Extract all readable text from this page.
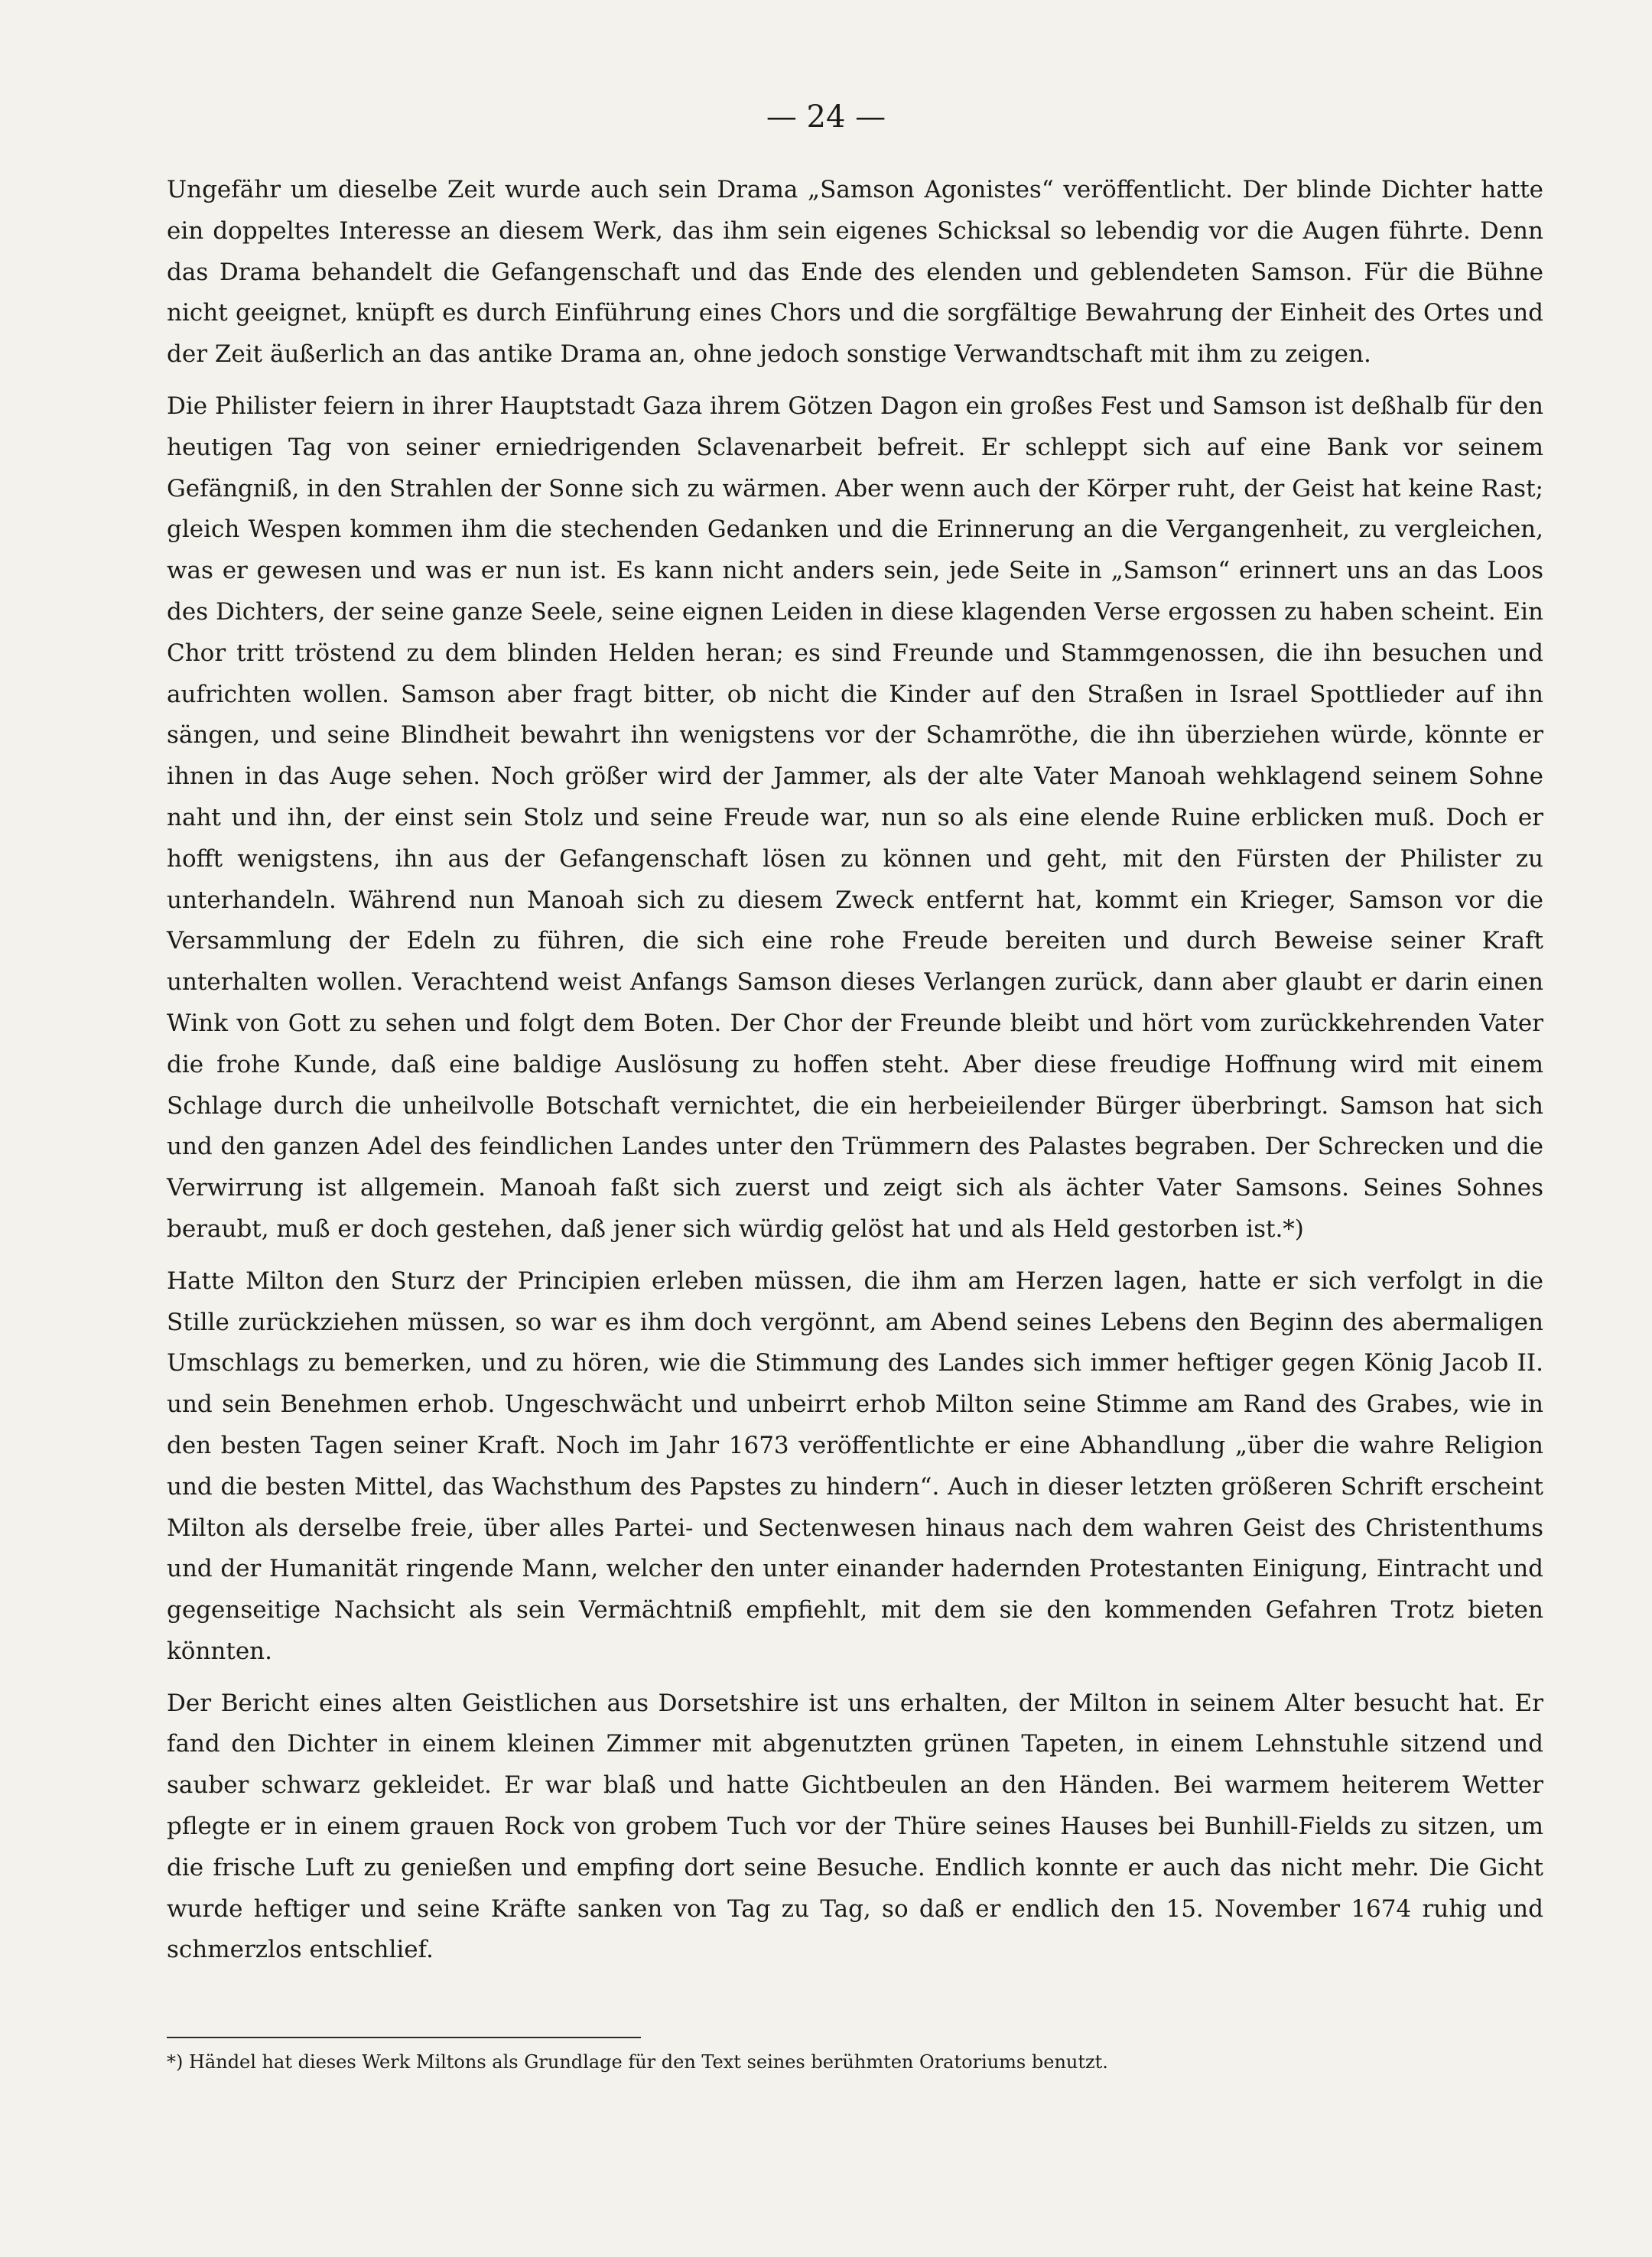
— 24 —

Ungefähr um dieselbe Zeit wurde auch sein Drama „Samson Agonistes“ veröffentlicht. Der blinde Dichter hatte ein doppeltes Interesse an diesem Werk, das ihm sein eigenes Schicksal so lebendig vor die Augen führte. Denn das Drama behandelt die Gefangenschaft und das Ende des elenden und geblendeten Samson. Für die Bühne nicht geeignet, knüpft es durch Einführung eines Chors und die sorgfältige Bewahrung der Einheit des Ortes und der Zeit äußerlich an das antike Drama an, ohne jedoch sonstige Verwandtschaft mit ihm zu zeigen.

Die Philister feiern in ihrer Hauptstadt Gaza ihrem Götzen Dagon ein großes Fest und Samson ist deßhalb für den heutigen Tag von seiner erniedrigenden Sclavenarbeit befreit. Er schleppt sich auf eine Bank vor seinem Gefängniß, in den Strahlen der Sonne sich zu wärmen. Aber wenn auch der Körper ruht, der Geist hat keine Rast; gleich Wespen kommen ihm die stechenden Gedanken und die Erinnerung an die Vergangenheit, zu vergleichen, was er gewesen und was er nun ist. Es kann nicht anders sein, jede Seite in „Samson“ erinnert uns an das Loos des Dichters, der seine ganze Seele, seine eignen Leiden in diese klagenden Verse ergossen zu haben scheint. Ein Chor tritt tröstend zu dem blinden Helden heran; es sind Freunde und Stammgenossen, die ihn besuchen und aufrichten wollen. Samson aber fragt bitter, ob nicht die Kinder auf den Straßen in Israel Spottlieder auf ihn sängen, und seine Blindheit bewahrt ihn wenigstens vor der Schamröthe, die ihn überziehen würde, könnte er ihnen in das Auge sehen. Noch größer wird der Jammer, als der alte Vater Manoah wehklagend seinem Sohne naht und ihn, der einst sein Stolz und seine Freude war, nun so als eine elende Ruine erblicken muß. Doch er hofft wenigstens, ihn aus der Gefangenschaft lösen zu können und geht, mit den Fürsten der Philister zu unterhandeln. Während nun Manoah sich zu diesem Zweck entfernt hat, kommt ein Krieger, Samson vor die Versammlung der Edeln zu führen, die sich eine rohe Freude bereiten und durch Beweise seiner Kraft unterhalten wollen. Verachtend weist Anfangs Samson dieses Verlangen zurück, dann aber glaubt er darin einen Wink von Gott zu sehen und folgt dem Boten. Der Chor der Freunde bleibt und hört vom zurückkehrenden Vater die frohe Kunde, daß eine baldige Auslösung zu hoffen steht. Aber diese freudige Hoffnung wird mit einem Schlage durch die unheilvolle Botschaft vernichtet, die ein herbeieilender Bürger überbringt. Samson hat sich und den ganzen Adel des feindlichen Landes unter den Trümmern des Palastes begraben. Der Schrecken und die Verwirrung ist allgemein. Manoah faßt sich zuerst und zeigt sich als ächter Vater Samsons. Seines Sohnes beraubt, muß er doch gestehen, daß jener sich würdig gelöst hat und als Held gestorben ist.*)

Hatte Milton den Sturz der Principien erleben müssen, die ihm am Herzen lagen, hatte er sich verfolgt in die Stille zurückziehen müssen, so war es ihm doch vergönnt, am Abend seines Lebens den Beginn des abermaligen Umschlags zu bemerken, und zu hören, wie die Stimmung des Landes sich immer heftiger gegen König Jacob II. und sein Benehmen erhob. Ungeschwächt und unbeirrt erhob Milton seine Stimme am Rand des Grabes, wie in den besten Tagen seiner Kraft. Noch im Jahr 1673 veröffentlichte er eine Abhandlung „über die wahre Religion und die besten Mittel, das Wachsthum des Papstes zu hindern“. Auch in dieser letzten größeren Schrift erscheint Milton als derselbe freie, über alles Partei- und Sectenwesen hinaus nach dem wahren Geist des Christenthums und der Humanität ringende Mann, welcher den unter einander hadernden Protestanten Einigung, Eintracht und gegenseitige Nachsicht als sein Vermächtniß empfiehlt, mit dem sie den kommenden Gefahren Trotz bieten könnten.

Der Bericht eines alten Geistlichen aus Dorsetshire ist uns erhalten, der Milton in seinem Alter besucht hat. Er fand den Dichter in einem kleinen Zimmer mit abgenutzten grünen Tapeten, in einem Lehnstuhle sitzend und sauber schwarz gekleidet. Er war blaß und hatte Gichtbeulen an den Händen. Bei warmem heiterem Wetter pflegte er in einem grauen Rock von grobem Tuch vor der Thüre seines Hauses bei Bunhill-Fields zu sitzen, um die frische Luft zu genießen und empfing dort seine Besuche. Endlich konnte er auch das nicht mehr. Die Gicht wurde heftiger und seine Kräfte sanken von Tag zu Tag, so daß er endlich den 15. November 1674 ruhig und schmerzlos entschlief.

*) Händel hat dieses Werk Miltons als Grundlage für den Text seines berühmten Oratoriums benutzt.
